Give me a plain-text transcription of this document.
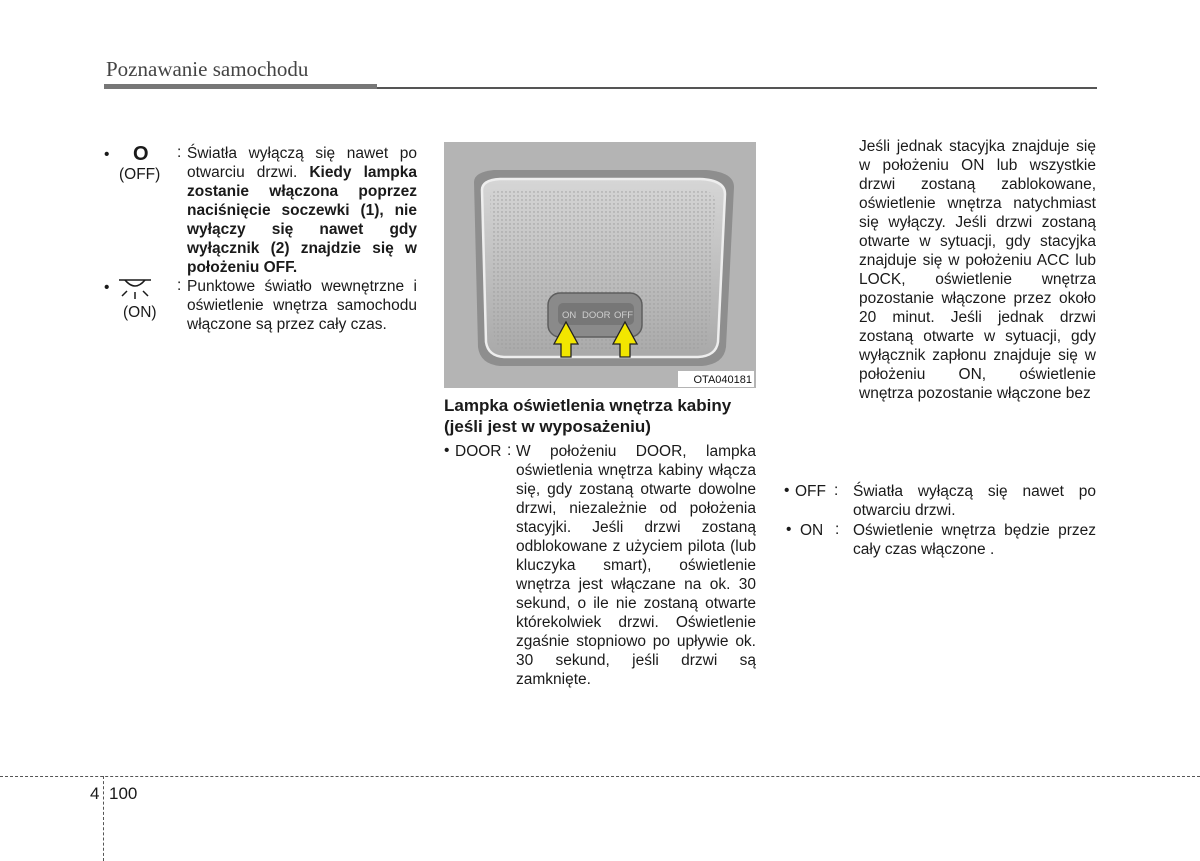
Poznawanie samochodu
• O
(OFF)
: Światła wyłączą się nawet po otwarciu drzwi. Kiedy lampka zostanie włączona poprzez naciśnięcie soczewki (1), nie wyłączy się nawet gdy wyłącznik (2) znajdzie się w położeniu OFF.
•
(ON)
: Punktowe światło wewnętrzne i oświetlenie wnętrza samochodu włączone są przez cały czas.
ON DOOR OFF
OTA040181
Lampka oświetlenia wnętrza kabiny (jeśli jest w wyposażeniu)
• DOOR : W położeniu DOOR, lampka oświetlenia wnętrza kabiny włącza się, gdy zostaną otwarte dowolne drzwi, niezależnie od położenia stacyjki. Jeśli drzwi zostaną odblokowane z użyciem pilota (lub kluczyka smart), oświetlenie wnętrza jest włączane na ok. 30 sekund, o ile nie zostaną otwarte którekolwiek drzwi. Oświetlenie zgaśnie stopniowo po upływie ok. 30 sekund, jeśli drzwi są zamknięte.
Jeśli jednak stacyjka znajduje się w położeniu ON lub wszystkie drzwi zostaną zablokowane, oświetlenie wnętrza natychmiast się wyłączy. Jeśli drzwi zostaną otwarte w sytuacji, gdy stacyjka znajduje się w położeniu ACC lub LOCK, oświetlenie wnętrza pozostanie włączone przez około 20 minut. Jeśli jednak drzwi zostaną otwarte w sytuacji, gdy wyłącznik zapłonu znajduje się w położeniu ON, oświetlenie wnętrza pozostanie włączone bez
• OFF : Światła wyłączą się nawet po otwarciu drzwi.
• ON : Oświetlenie wnętrza będzie przez cały czas włączone .
4 100
